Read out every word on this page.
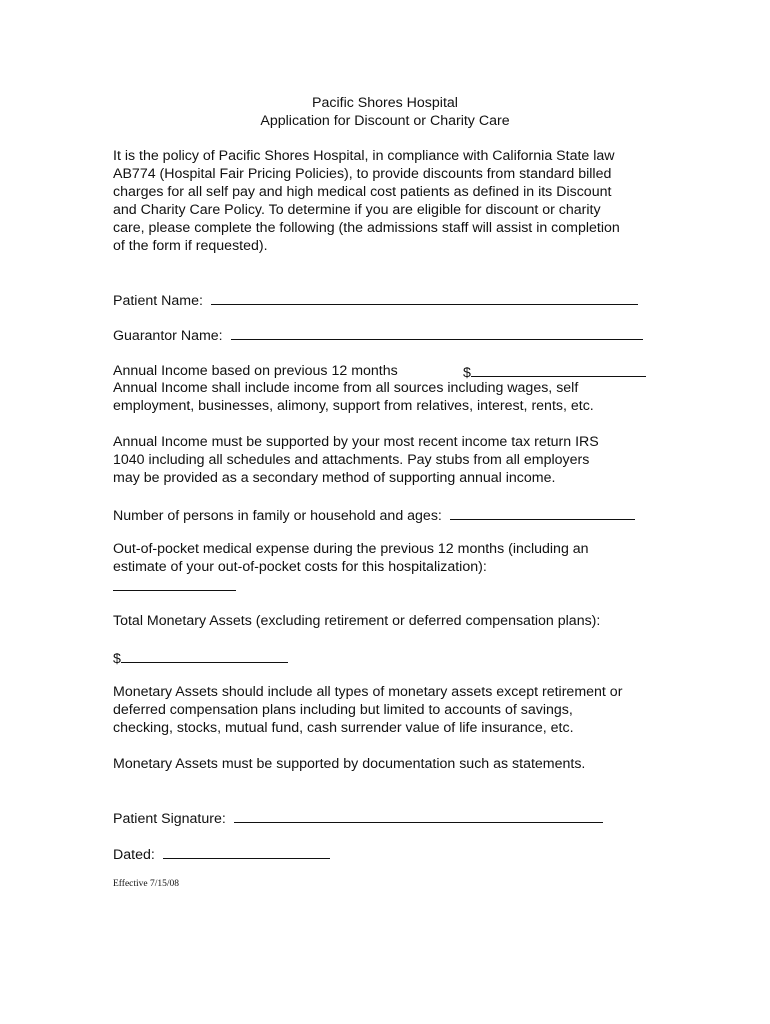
Pacific Shores Hospital
Application for Discount or Charity Care
It is the policy of Pacific Shores Hospital, in compliance with California State law
AB774 (Hospital Fair Pricing Policies), to provide discounts from standard billed
charges for all self pay and high medical cost patients as defined in its Discount
and Charity Care Policy. To determine if you are eligible for discount or charity
care, please complete the following (the admissions staff will assist in completion
of the form if requested).
Patient Name:
Guarantor Name:
Annual Income based on previous 12 months	$
Annual Income shall include income from all sources including wages, self
employment, businesses, alimony, support from relatives, interest, rents, etc.
Annual Income must be supported by your most recent income tax return IRS
1040 including all schedules and attachments. Pay stubs from all employers
may be provided as a secondary method of supporting annual income.
Number of persons in family or household and ages:
Out-of-pocket medical expense during the previous 12 months (including an
estimate of your out-of-pocket costs for this hospitalization):
Total Monetary Assets (excluding retirement or deferred compensation plans):
$
Monetary Assets should include all types of monetary assets except retirement or
deferred compensation plans including but limited to accounts of savings,
checking, stocks, mutual fund, cash surrender value of life insurance, etc.
Monetary Assets must be supported by documentation such as statements.
Patient Signature:
Dated:
Effective 7/15/08
